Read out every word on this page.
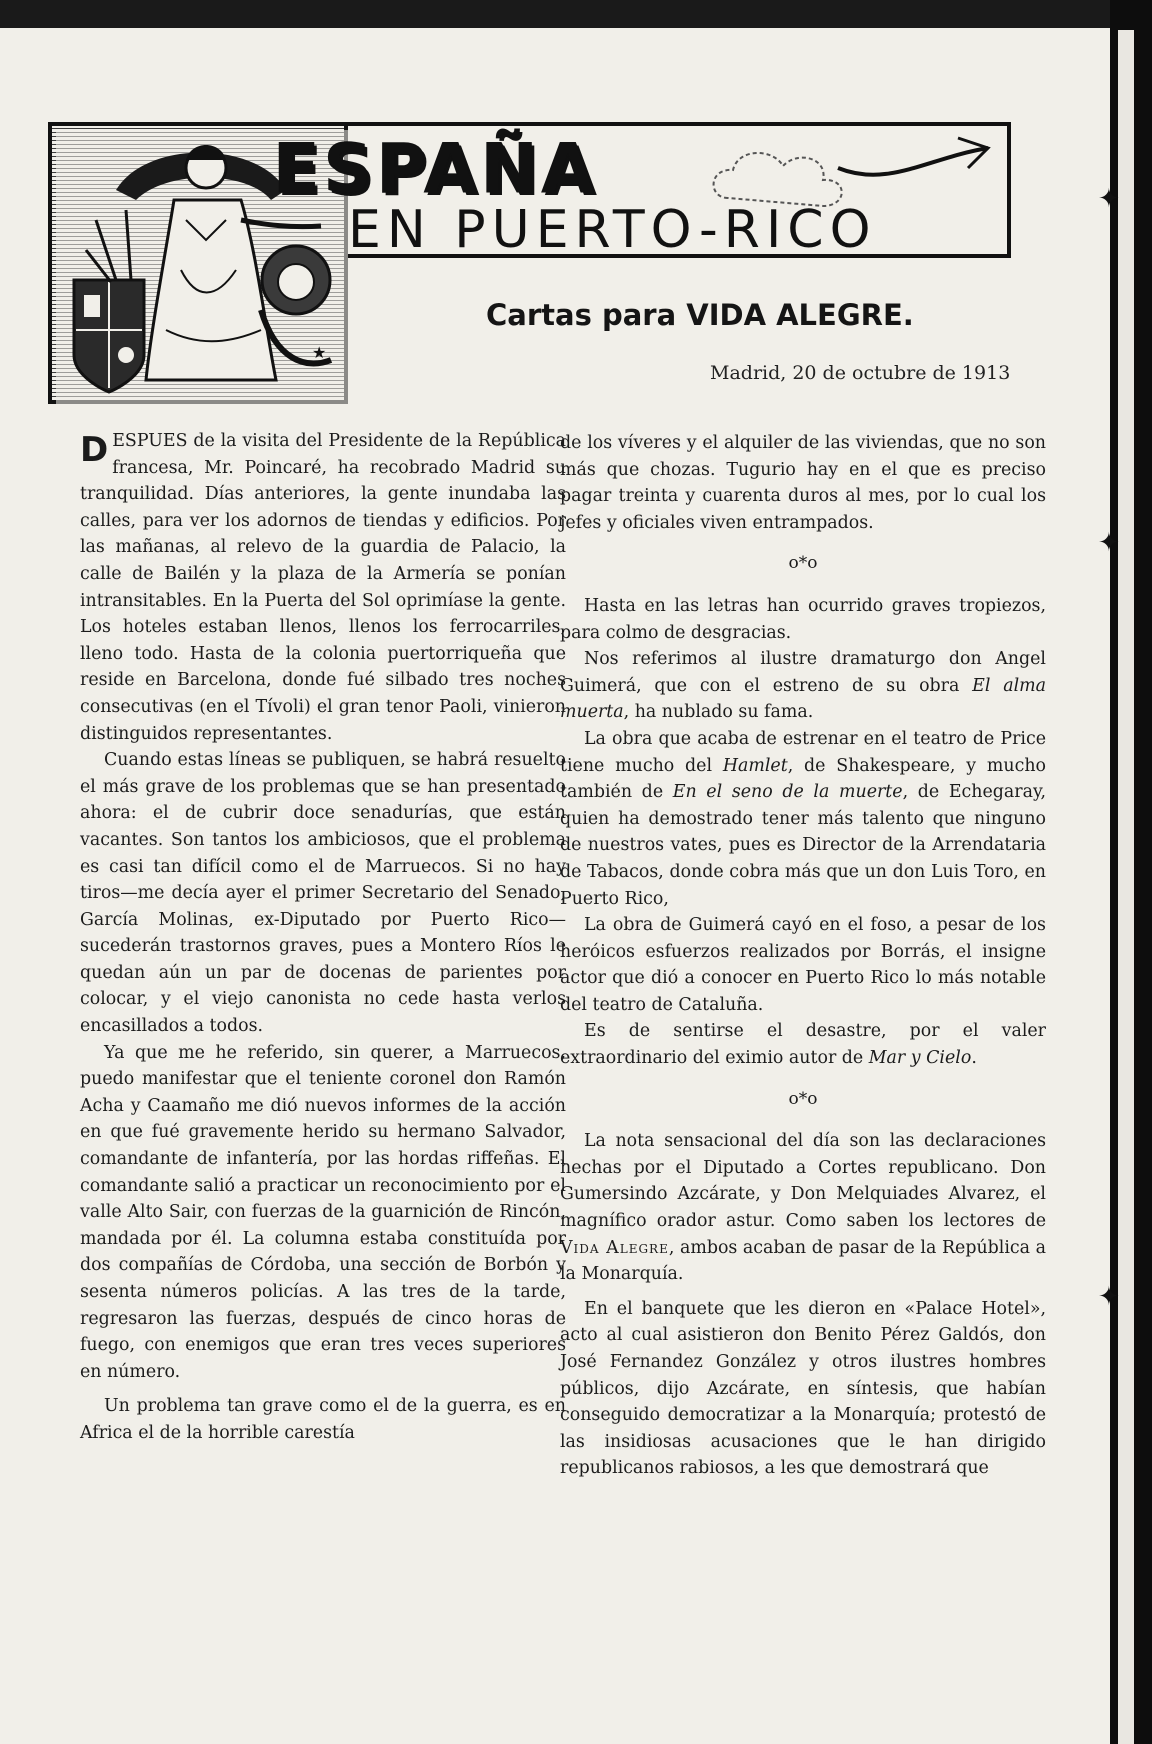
✦
✦
✦
★
ESPAÑA
EN PUERTO-RICO
Cartas para VIDA ALEGRE.
Madrid, 20 de octubre de 1913

DESPUES de la visita del Presidente de la República francesa, Mr. Poincaré, ha recobrado Madrid su tranquilidad. Días anteriores, la gente inundaba las calles, para ver los adornos de tiendas y edificios. Por las mañanas, al relevo de la guardia de Palacio, la calle de Bailén y la plaza de la Armería se ponían intransitables. En la Puerta del Sol oprimíase la gente. Los hoteles estaban llenos, llenos los ferrocarriles, lleno todo. Hasta de la colonia puertorriqueña que reside en Barcelona, donde fué silbado tres noches consecutivas (en el Tívoli) el gran tenor Paoli, vinieron distinguidos representantes.

Cuando estas líneas se publiquen, se habrá resuelto el más grave de los problemas que se han presentado ahora: el de cubrir doce senadurías, que están vacantes. Son tantos los ambiciosos, que el problema es casi tan difícil como el de Marruecos. Si no hay tiros—me decía ayer el primer Secretario del Senado, García Molinas, ex-Diputado por Puerto Rico—sucederán trastornos graves, pues a Montero Ríos le quedan aún un par de docenas de parientes por colocar, y el viejo canonista no cede hasta verlos encasillados a todos.

Ya que me he referido, sin querer, a Marruecos, puedo manifestar que el teniente coronel don Ramón Acha y Caamaño me dió nuevos informes de la acción en que fué gravemente herido su hermano Salvador, comandante de infantería, por las hordas riffeñas. El comandante salió a practicar un reconocimiento por el valle Alto Sair, con fuerzas de la guarnición de Rincón, mandada por él. La columna estaba constituída por dos compañías de Córdoba, una sección de Borbón y sesenta números policías. A las tres de la tarde, regresaron las fuerzas, después de cinco horas de fuego, con enemigos que eran tres veces superiores en número.

Un problema tan grave como el de la guerra, es en Africa el de la horrible carestía

de los víveres y el alquiler de las viviendas, que no son más que chozas. Tugurio hay en el que es preciso pagar treinta y cuarenta duros al mes, por lo cual los jefes y oficiales viven entrampados.

o*o

Hasta en las letras han ocurrido graves tropiezos, para colmo de desgracias.

Nos referimos al ilustre dramaturgo don Angel Guimerá, que con el estreno de su obra El alma muerta, ha nublado su fama.

La obra que acaba de estrenar en el teatro de Price tiene mucho del Hamlet, de Shakespeare, y mucho también de En el seno de la muerte, de Echegaray, quien ha demostrado tener más talento que ninguno de nuestros vates, pues es Director de la Arrendataria de Tabacos, donde cobra más que un don Luis Toro, en Puerto Rico,

La obra de Guimerá cayó en el foso, a pesar de los heróicos esfuerzos realizados por Borrás, el insigne actor que dió a conocer en Puerto Rico lo más notable del teatro de Cataluña.

Es de sentirse el desastre, por el valer extraordinario del eximio autor de Mar y Cielo.

o*o

La nota sensacional del día son las declaraciones hechas por el Diputado a Cortes republicano. Don Gumersindo Azcárate, y Don Melquiades Alvarez, el magnífico orador astur. Como saben los lectores de Vida Alegre, ambos acaban de pasar de la República a la Monarquía.

En el banquete que les dieron en «Palace Hotel», acto al cual asistieron don Benito Pérez Galdós, don José Fernandez González y otros ilustres hombres públicos, dijo Azcárate, en síntesis, que habían conseguido democratizar a la Monarquía; protestó de las insidiosas acusaciones que le han dirigido republicanos rabiosos, a les que demostrará que
